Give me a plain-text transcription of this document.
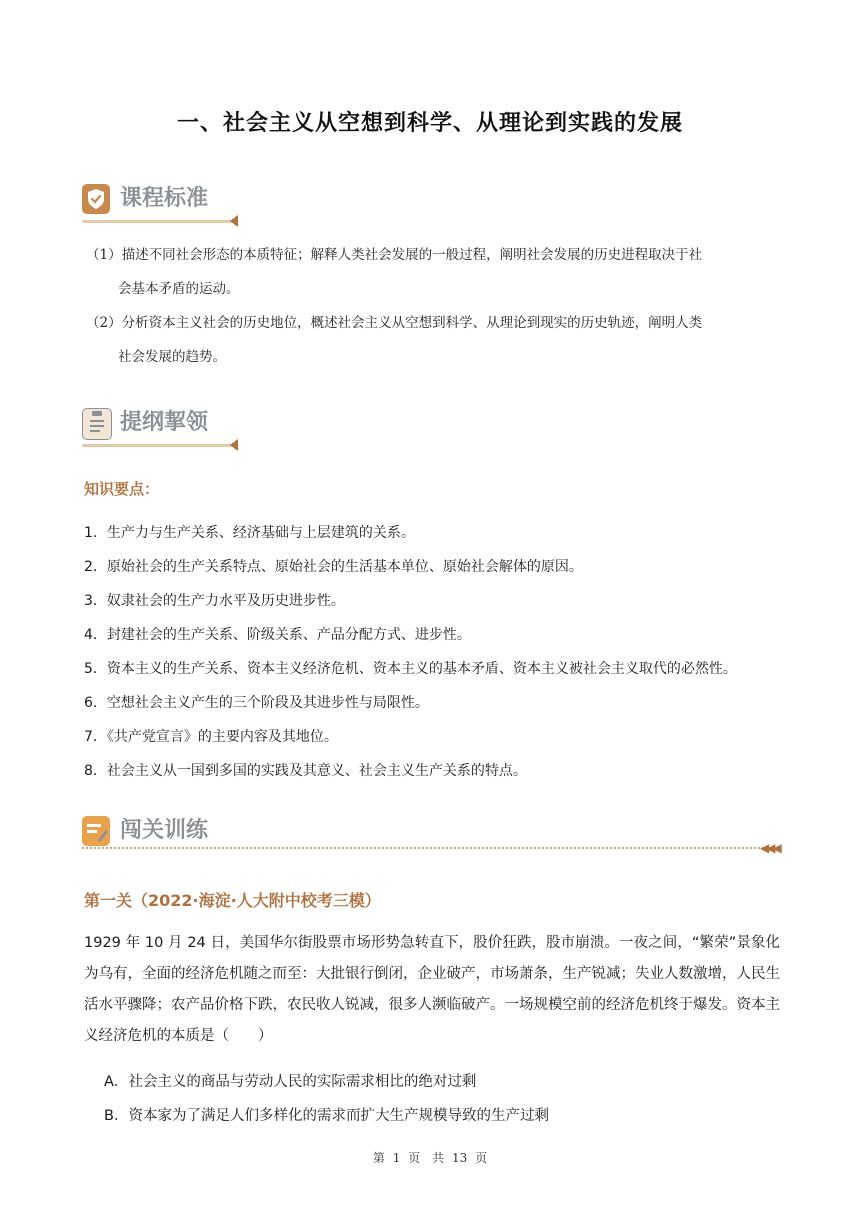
一、社会主义从空想到科学、从理论到实践的发展
课程标准
（1）描述不同社会形态的本质特征；解释人类社会发展的一般过程，阐明社会发展的历史进程取决于社
会基本矛盾的运动。
（2）分析资本主义社会的历史地位，概述社会主义从空想到科学、从理论到现实的历史轨迹，阐明人类
社会发展的趋势。
提纲挈领
知识要点：
1．生产力与生产关系、经济基础与上层建筑的关系。
2．原始社会的生产关系特点、原始社会的生活基本单位、原始社会解体的原因。
3．奴隶社会的生产力水平及历史进步性。
4．封建社会的生产关系、阶级关系、产品分配方式、进步性。
5．资本主义的生产关系、资本主义经济危机、资本主义的基本矛盾、资本主义被社会主义取代的必然性。
6．空想社会主义产生的三个阶段及其进步性与局限性。
7．《共产党宣言》的主要内容及其地位。
8．社会主义从一国到多国的实践及其意义、社会主义生产关系的特点。
闯关训练
◀◀◀
第一关（2022·海淀·人大附中校考三模）
1929 年 10 月 24 日，美国华尔街股票市场形势急转直下，股价狂跌，股市崩溃。一夜之间，“繁荣”景象化为乌有，全面的经济危机随之而至：大批银行倒闭，企业破产，市场萧条，生产锐减；失业人数激增，人民生活水平骤降；农产品价格下跌，农民收人锐减，很多人濒临破产。一场规模空前的经济危机终于爆发。资本主义经济危机的本质是（　　）
A．社会主义的商品与劳动人民的实际需求相比的绝对过剩
B．资本家为了满足人们多样化的需求而扩大生产规模导致的生产过剩
第 1 页　共 13 页
